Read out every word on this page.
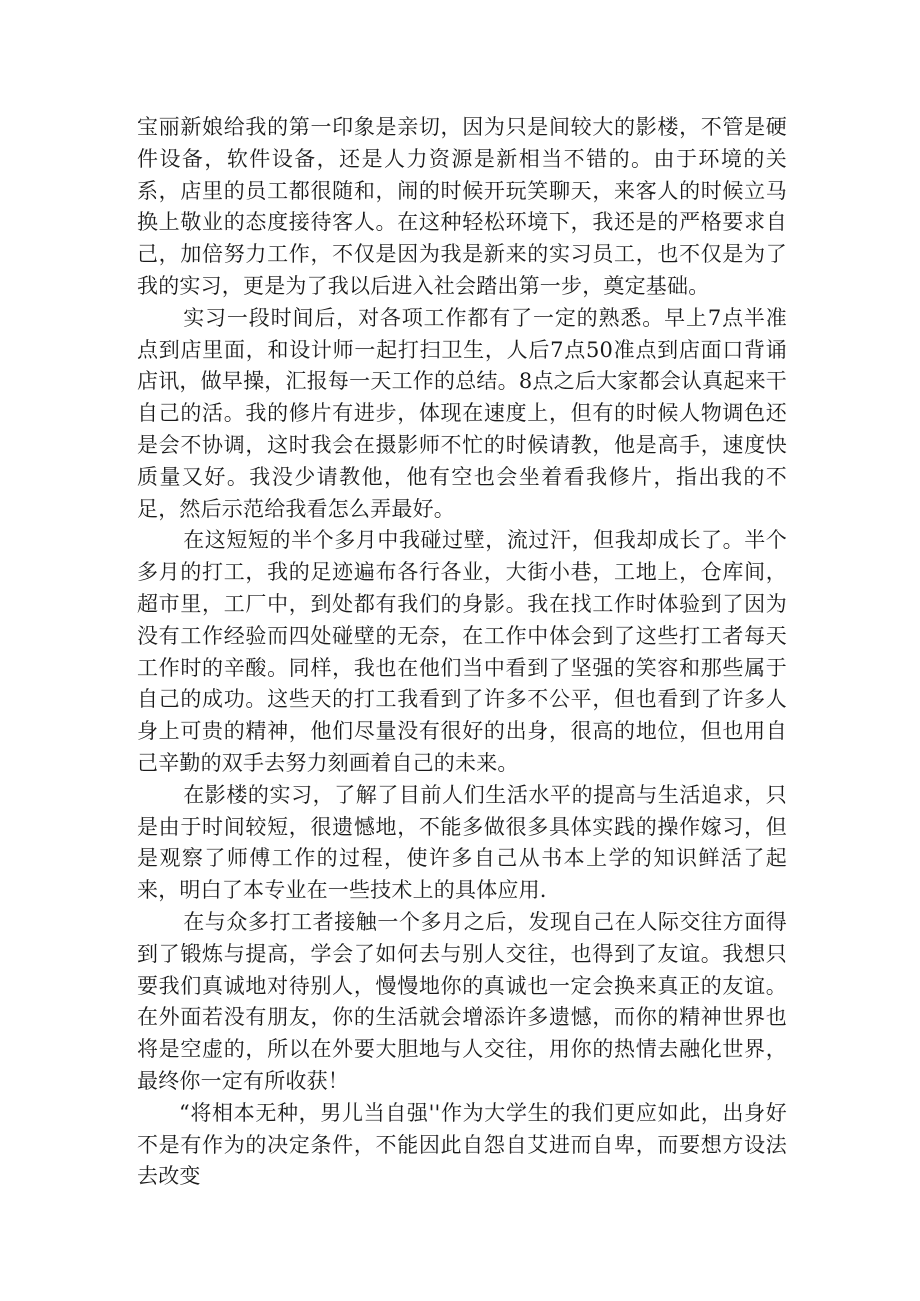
宝丽新娘给我的第一印象是亲切，因为只是间较大的影楼，不管是硬件设备，软件设备，还是人力资源是新相当不错的。由于环境的关系，店里的员工都很随和，闹的时候开玩笑聊天，来客人的时候立马换上敬业的态度接待客人。在这种轻松环境下，我还是的严格要求自己，加倍努力工作，不仅是因为我是新来的实习员工，也不仅是为了我的实习，更是为了我以后进入社会踏出第一步，奠定基础。

实习一段时间后，对各项工作都有了一定的熟悉。早上7点半准点到店里面，和设计师一起打扫卫生，人后7点50准点到店面口背诵店讯，做早操，汇报每一天工作的总结。8点之后大家都会认真起来干自己的活。我的修片有进步，体现在速度上，但有的时候人物调色还是会不协调，这时我会在摄影师不忙的时候请教，他是高手，速度快质量又好。我没少请教他，他有空也会坐着看我修片，指出我的不足，然后示范给我看怎么弄最好。

在这短短的半个多月中我碰过壁，流过汗，但我却成长了。半个多月的打工，我的足迹遍布各行各业，大街小巷，工地上，仓库间，超市里，工厂中，到处都有我们的身影。我在找工作时体验到了因为没有工作经验而四处碰壁的无奈，在工作中体会到了这些打工者每天工作时的辛酸。同样，我也在他们当中看到了坚强的笑容和那些属于自己的成功。这些天的打工我看到了许多不公平，但也看到了许多人身上可贵的精神，他们尽量没有很好的出身，很高的地位，但也用自己辛勤的双手去努力刻画着自己的未来。

在影楼的实习，了解了目前人们生活水平的提高与生活追求，只是由于时间较短，很遗憾地，不能多做很多具体实践的操作嫁习，但是观察了师傅工作的过程，使许多自己从书本上学的知识鲜活了起来，明白了本专业在一些技术上的具体应用.

在与众多打工者接触一个多月之后，发现自己在人际交往方面得到了锻炼与提高，学会了如何去与别人交往，也得到了友谊。我想只要我们真诚地对待别人，慢慢地你的真诚也一定会换来真正的友谊。在外面若没有朋友，你的生活就会增添许多遗憾，而你的精神世界也将是空虚的，所以在外要大胆地与人交往，用你的热情去融化世界，最终你一定有所收获！

“将相本无种，男儿当自强''作为大学生的我们更应如此，出身好不是有作为的决定条件，不能因此自怨自艾进而自卑，而要想方设法去改变
